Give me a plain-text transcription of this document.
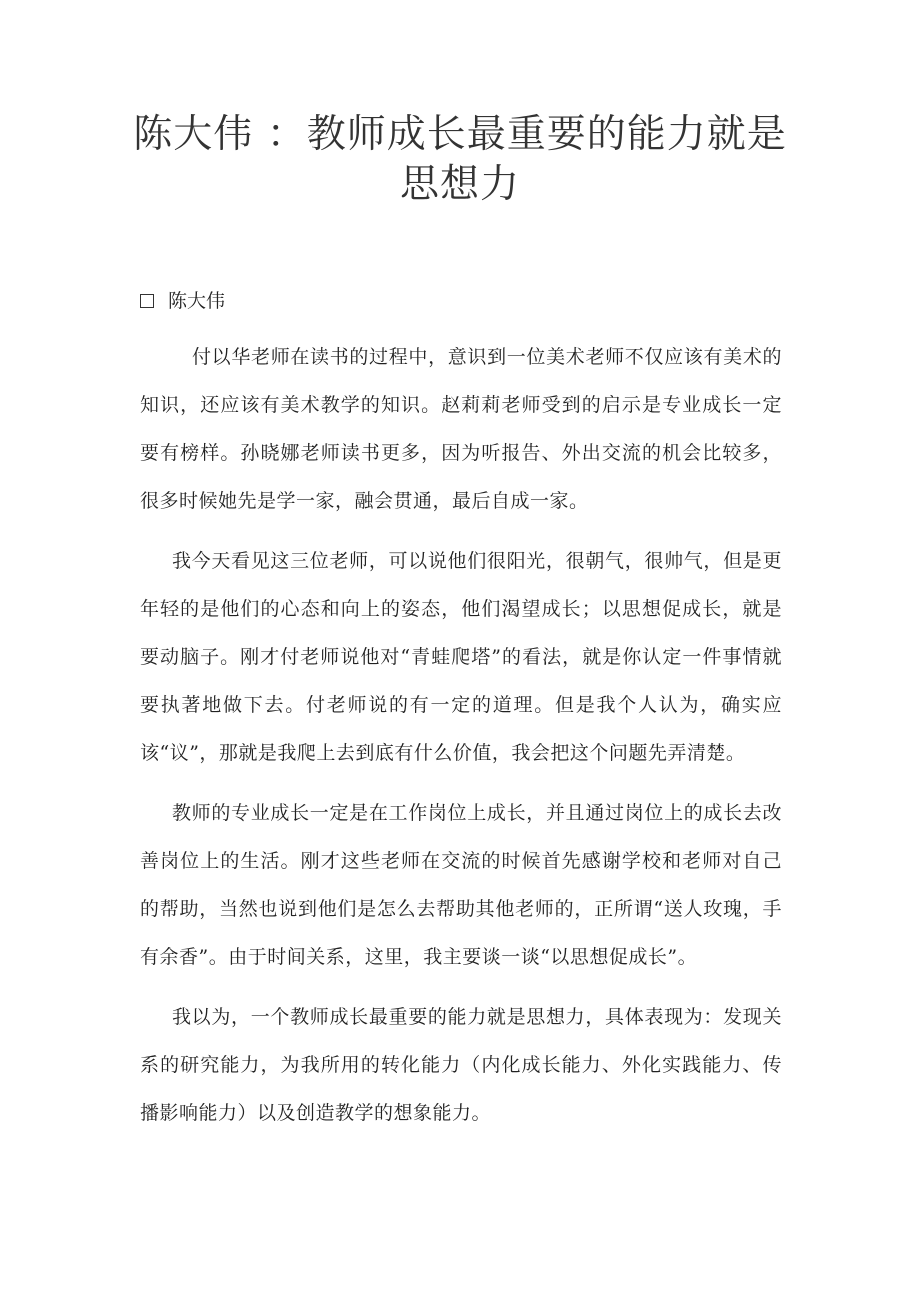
陈大伟 ：教师成长最重要的能力就是思想力
陈大伟

付以华老师在读书的过程中，意识到一位美术老师不仅应该有美术的知识，还应该有美术教学的知识。赵莉莉老师受到的启示是专业成长一定要有榜样。孙晓娜老师读书更多，因为听报告、外出交流的机会比较多，很多时候她先是学一家，融会贯通，最后自成一家。

我今天看见这三位老师，可以说他们很阳光，很朝气，很帅气，但是更年轻的是他们的心态和向上的姿态，他们渴望成长；以思想促成长，就是要动脑子。刚才付老师说他对“青蛙爬塔”的看法，就是你认定一件事情就要执著地做下去。付老师说的有一定的道理。但是我个人认为，确实应该“议”，那就是我爬上去到底有什么价值，我会把这个问题先弄清楚。

教师的专业成长一定是在工作岗位上成长，并且通过岗位上的成长去改善岗位上的生活。刚才这些老师在交流的时候首先感谢学校和老师对自己的帮助，当然也说到他们是怎么去帮助其他老师的，正所谓“送人玫瑰，手有余香”。由于时间关系，这里，我主要谈一谈“以思想促成长”。

我以为，一个教师成长最重要的能力就是思想力，具体表现为：发现关系的研究能力，为我所用的转化能力（内化成长能力、外化实践能力、传播影响能力）以及创造教学的想象能力。
